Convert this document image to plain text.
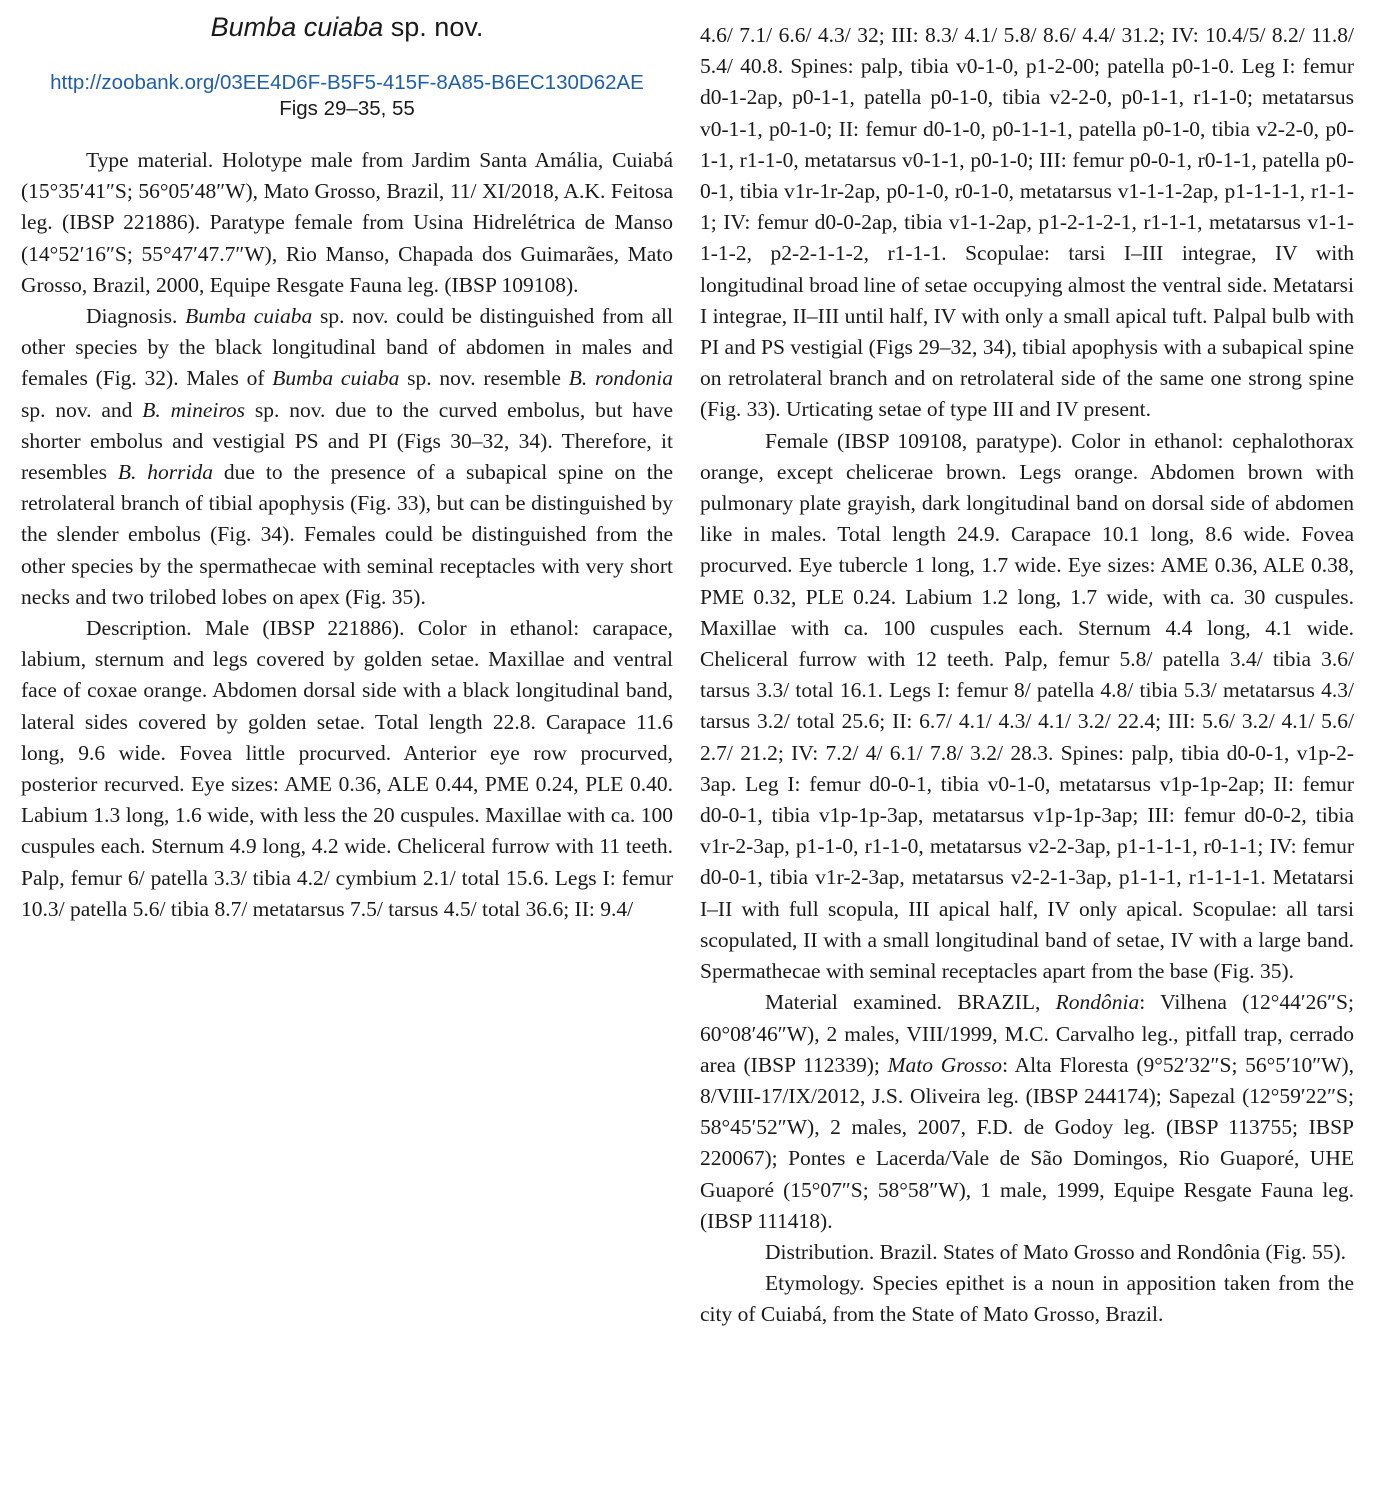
Bumba cuiaba sp. nov.
http://zoobank.org/03EE4D6F-B5F5-415F-8A85-B6EC130D62AE
Figs 29–35, 55

Type material. Holotype male from Jardim Santa Amália, Cuiabá (15°35′41″S; 56°05′48″W), Mato Grosso, Brazil, 11/ XI/2018, A.K. Feitosa leg. (IBSP 221886). Paratype female from Usina Hidrelétrica de Manso (14°52′16″S; 55°47′47.7″W), Rio Manso, Chapada dos Guimarães, Mato Grosso, Brazil, 2000, Equipe Resgate Fauna leg. (IBSP 109108).

Diagnosis. Bumba cuiaba sp. nov. could be distinguished from all other species by the black longitudinal band of abdomen in males and females (Fig. 32). Males of Bumba cuiaba sp. nov. resemble B. rondonia sp. nov. and B. mineiros sp. nov. due to the curved embolus, but have shorter embolus and vestigial PS and PI (Figs 30–32, 34). Therefore, it resembles B. horrida due to the presence of a subapical spine on the retrolateral branch of tibial apophysis (Fig. 33), but can be distinguished by the slender embolus (Fig. 34). Females could be distinguished from the other species by the spermathecae with seminal receptacles with very short necks and two trilobed lobes on apex (Fig. 35).

Description. Male (IBSP 221886). Color in ethanol: carapace, labium, sternum and legs covered by golden setae. Maxillae and ventral face of coxae orange. Abdomen dorsal side with a black longitudinal band, lateral sides covered by golden setae. Total length 22.8. Carapace 11.6 long, 9.6 wide. Fovea little procurved. Anterior eye row procurved, posterior recurved. Eye sizes: AME 0.36, ALE 0.44, PME 0.24, PLE 0.40. Labium 1.3 long, 1.6 wide, with less the 20 cuspules. Maxillae with ca. 100 cuspules each. Sternum 4.9 long, 4.2 wide. Cheliceral furrow with 11 teeth. Palp, femur 6/ patella 3.3/ tibia 4.2/ cymbium 2.1/ total 15.6. Legs I: femur 10.3/ patella 5.6/ tibia 8.7/ metatarsus 7.5/ tarsus 4.5/ total 36.6; II: 9.4/

4.6/ 7.1/ 6.6/ 4.3/ 32; III: 8.3/ 4.1/ 5.8/ 8.6/ 4.4/ 31.2; IV: 10.4/5/ 8.2/ 11.8/ 5.4/ 40.8. Spines: palp, tibia v0-1-0, p1-2-00; patella p0-1-0. Leg I: femur d0-1-2ap, p0-1-1, patella p0-1-0, tibia v2-2-0, p0-1-1, r1-1-0; metatarsus v0-1-1, p0-1-0; II: femur d0-1-0, p0-1-1-1, patella p0-1-0, tibia v2-2-0, p0-1-1, r1-1-0, metatarsus v0-1-1, p0-1-0; III: femur p0-0-1, r0-1-1, patella p0-0-1, tibia v1r-1r-2ap, p0-1-0, r0-1-0, metatarsus v1-1-1-2ap, p1-1-1-1, r1-1-1; IV: femur d0-0-2ap, tibia v1-1-2ap, p1-2-1-2-1, r1-1-1, metatarsus v1-1-1-1-2, p2-2-1-1-2, r1-1-1. Scopulae: tarsi I–III integrae, IV with longitudinal broad line of setae occupying almost the ventral side. Metatarsi I integrae, II–III until half, IV with only a small apical tuft. Palpal bulb with PI and PS vestigial (Figs 29–32, 34), tibial apophysis with a subapical spine on retrolateral branch and on retrolateral side of the same one strong spine (Fig. 33). Urticating setae of type III and IV present.

Female (IBSP 109108, paratype). Color in ethanol: cephalothorax orange, except chelicerae brown. Legs orange. Abdomen brown with pulmonary plate grayish, dark longitudinal band on dorsal side of abdomen like in males. Total length 24.9. Carapace 10.1 long, 8.6 wide. Fovea procurved. Eye tubercle 1 long, 1.7 wide. Eye sizes: AME 0.36, ALE 0.38, PME 0.32, PLE 0.24. Labium 1.2 long, 1.7 wide, with ca. 30 cuspules. Maxillae with ca. 100 cuspules each. Sternum 4.4 long, 4.1 wide. Cheliceral furrow with 12 teeth. Palp, femur 5.8/ patella 3.4/ tibia 3.6/ tarsus 3.3/ total 16.1. Legs I: femur 8/ patella 4.8/ tibia 5.3/ metatarsus 4.3/ tarsus 3.2/ total 25.6; II: 6.7/ 4.1/ 4.3/ 4.1/ 3.2/ 22.4; III: 5.6/ 3.2/ 4.1/ 5.6/ 2.7/ 21.2; IV: 7.2/ 4/ 6.1/ 7.8/ 3.2/ 28.3. Spines: palp, tibia d0-0-1, v1p-2-3ap. Leg I: femur d0-0-1, tibia v0-1-0, metatarsus v1p-1p-2ap; II: femur d0-0-1, tibia v1p-1p-3ap, metatarsus v1p-1p-3ap; III: femur d0-0-2, tibia v1r-2-3ap, p1-1-0, r1-1-0, metatarsus v2-2-3ap, p1-1-1-1, r0-1-1; IV: femur d0-0-1, tibia v1r-2-3ap, metatarsus v2-2-1-3ap, p1-1-1, r1-1-1-1. Metatarsi I–II with full scopula, III apical half, IV only apical. Scopulae: all tarsi scopulated, II with a small longitudinal band of setae, IV with a large band. Spermathecae with seminal receptacles apart from the base (Fig. 35).

Material examined. BRAZIL, Rondônia: Vilhena (12°44′26″S; 60°08′46″W), 2 males, VIII/1999, M.C. Carvalho leg., pitfall trap, cerrado area (IBSP 112339); Mato Grosso: Alta Floresta (9°52′32″S; 56°5′10″W), 8/VIII-17/IX/2012, J.S. Oliveira leg. (IBSP 244174); Sapezal (12°59′22″S; 58°45′52″W), 2 males, 2007, F.D. de Godoy leg. (IBSP 113755; IBSP 220067); Pontes e Lacerda/Vale de São Domingos, Rio Guaporé, UHE Guaporé (15°07″S; 58°58″W), 1 male, 1999, Equipe Resgate Fauna leg. (IBSP 111418).

Distribution. Brazil. States of Mato Grosso and Rondônia (Fig. 55).

Etymology. Species epithet is a noun in apposition taken from the city of Cuiabá, from the State of Mato Grosso, Brazil.
